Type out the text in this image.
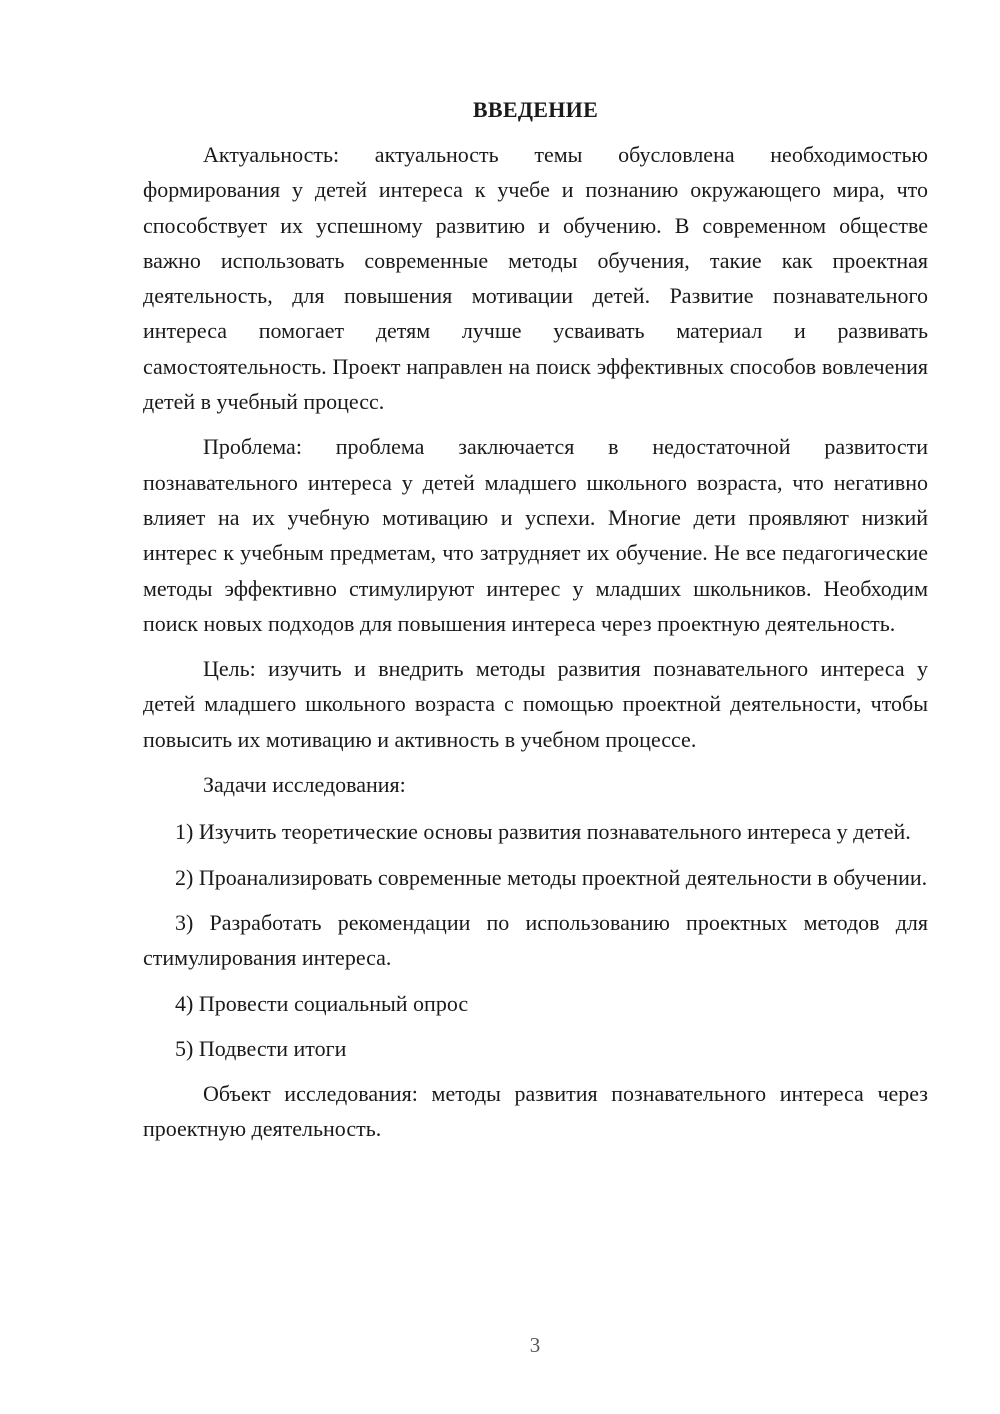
ВВЕДЕНИЕ

Актуальность: актуальность темы обусловлена необходимостью формирования у детей интереса к учебе и познанию окружающего мира, что способствует их успешному развитию и обучению. В современном обществе важно использовать современные методы обучения, такие как проектная деятельность, для повышения мотивации детей. Развитие познавательного интереса помогает детям лучше усваивать материал и развивать самостоятельность. Проект направлен на поиск эффективных способов вовлечения детей в учебный процесс.

Проблема: проблема заключается в недостаточной развитости познавательного интереса у детей младшего школьного возраста, что негативно влияет на их учебную мотивацию и успехи. Многие дети проявляют низкий интерес к учебным предметам, что затрудняет их обучение. Не все педагогические методы эффективно стимулируют интерес у младших школьников. Необходим поиск новых подходов для повышения интереса через проектную деятельность.

Цель: изучить и внедрить методы развития познавательного интереса у детей младшего школьного возраста с помощью проектной деятельности, чтобы повысить их мотивацию и активность в учебном процессе.

Задачи исследования:

1) Изучить теоретические основы развития познавательного интереса у детей.

2) Проанализировать современные методы проектной деятельности в обучении.

3) Разработать рекомендации по использованию проектных методов для стимулирования интереса.

4) Провести социальный опрос

5) Подвести итоги

Объект исследования: методы развития познавательного интереса через проектную деятельность.

3
